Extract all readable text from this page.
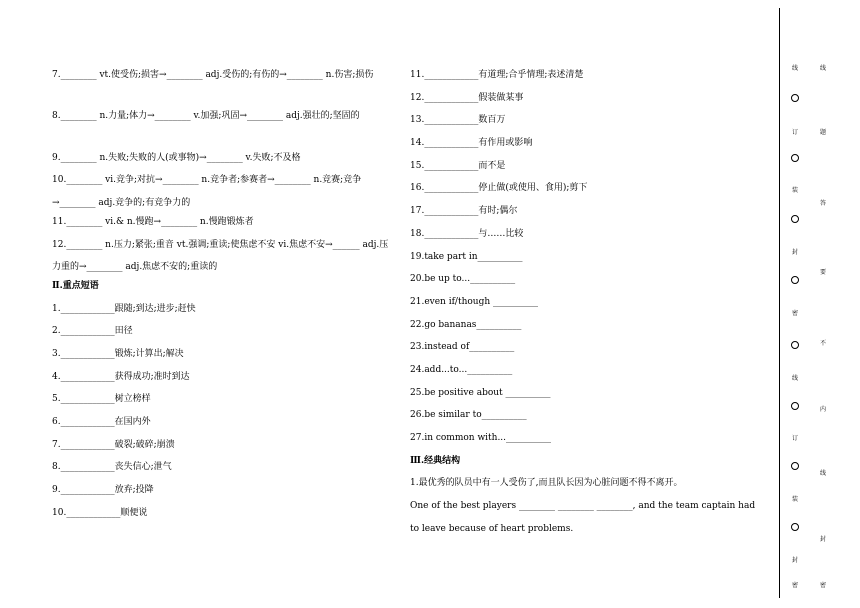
7.________ vt.使受伤;损害→________ adj.受伤的;有伤的→________ n.伤害;损伤
8.________ n.力量;体力→________ v.加强;巩固→________ adj.强壮的;坚固的
9.________ n.失败;失败的人(或事物)→________ v.失败;不及格
10.________ vi.竞争;对抗→________ n.竞争者;参赛者→________ n.竞赛;竞争→________ adj.竞争的;有竞争力的
11.________ vi.& n.慢跑→________ n.慢跑锻炼者
12.________ n.压力;紧张;重音 vt.强调;重读;使焦虑不安 vi.焦虑不安→______ adj.压力重的→________ adj.焦虑不安的;重读的
Ⅱ.重点短语
1.____________跟随;到达;进步;赶快
2.____________田径
3.____________锻炼;计算出;解决
4.____________获得成功;准时到达
5.____________树立榜样
6.____________在国内外
7.____________破裂;破碎;崩溃
8.____________丧失信心;泄气
9.____________放弃;投降
10.____________顺便说
11.____________有道理;合乎情理;表述清楚
12.____________假装做某事
13.____________数百万
14.____________有作用或影响
15.____________而不是
16.____________停止做(或使用、食用);剪下
17.____________有时;偶尔
18.____________与……比较
19.take part in__________
20.be up to...__________
21.even if/though __________
22.go bananas__________
23.instead of__________
24.add...to...__________
25.be positive about __________
26.be similar to__________
27.in common with...__________
Ⅲ.经典结构
1.最优秀的队员中有一人受伤了,而且队长因为心脏问题不得不离开。
One of the best players ________ ________ ________, and the team captain had
to leave because of heart problems.
线
订
装
封
密
线
订
装
封
线
题
答
要
不
内
线
封
密
密
